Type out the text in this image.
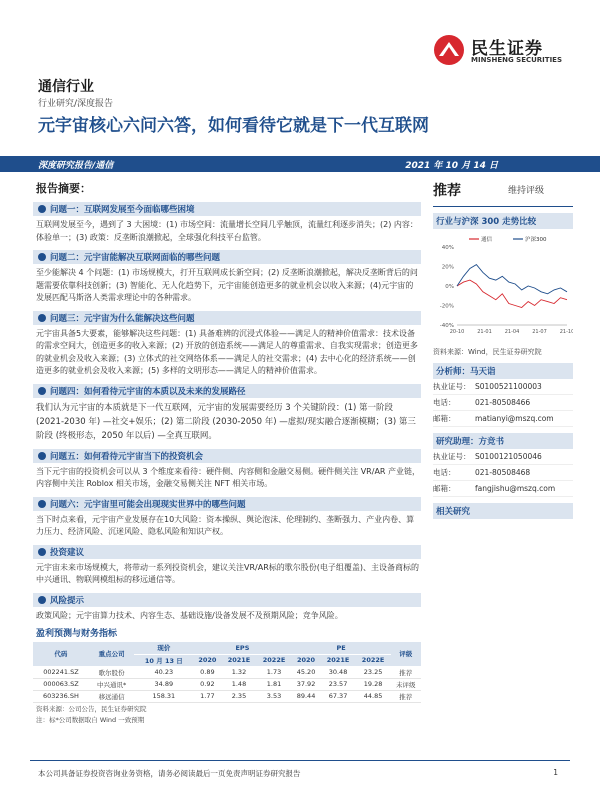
民生证券
MINSHENG SECURITIES
通信行业
行业研究/深度报告
元宇宙核心六问六答，如何看待它就是下一代互联网
深度研究报告/通信	2021 年 10 月 14 日
报告摘要：
问题一：互联网发展至今面临哪些困境
互联网发展至今，遇到了 3 大困境：(1) 市场空间：流量增长空间几乎触顶，流量红利逐步消失；(2) 内容：体验单一；(3) 政策：反垄断浪潮掀起，全球强化科技平台监管。
问题二：元宇宙能解决互联网面临的哪些问题
至少能解决 4 个问题：(1) 市场规模大，打开互联网成长新空间；(2) 反垄断浪潮掀起，解决反垄断背后的问题需要依靠科技创新；(3) 智能化、无人化趋势下，元宇宙能创造更多的就业机会以收入来源；(4)元宇宙的发展匹配马斯洛人类需求理论中的各种需求。
问题三：元宇宙为什么能解决这些问题
元宇宙具备5大要素，能够解决这些问题：(1) 具备难辨的沉浸式体验——满足人的精神价值需求：技术设备的需求空间大，创造更多的收入来源；(2) 开放的创造系统——满足人的尊重需求、自我实现需求；创造更多的就业机会及收入来源；(3) 立体式的社交网络体系——满足人的社交需求；(4) 去中心化的经济系统——创造更多的就业机会及收入来源；(5) 多样的文明形态——满足人的精神价值需求。
问题四：如何看待元宇宙的本质以及未来的发展路径
我们认为元宇宙的本质就是下一代互联网，元宇宙的发展需要经历 3 个关键阶段：(1) 第一阶段 (2021-2030 年) —社交+娱乐；(2) 第二阶段 (2030-2050 年) —虚拟/现实融合逐渐模糊；(3) 第三阶段 (终极形态，2050 年以后) —全真互联网。
问题五：如何看待元宇宙当下的投资机会
当下元宇宙的投资机会可以从 3 个维度来看待：硬件侧、内容侧和金融交易侧。硬件侧关注 VR/AR 产业链，内容侧中关注 Roblox 相关市场，金融交易侧关注 NFT 相关市场。
问题六：元宇宙里可能会出现现实世界中的哪些问题
当下时点来看，元宇宙产业发展存在10大风险：资本操纵、舆论泡沫、伦理制约、垄断强力、产业内卷、算力压力、经济风险、沉迷风险、隐私风险和知识产权。
投资建议
元宇宙未来市场规模大，将带动一系列投资机会，建议关注VR/AR标的歌尔股份(电子组覆盖)、主设备商标的中兴通讯、物联网模组标的移远通信等。
风险提示
政策风险；元宇宙算力技术、内容生态、基础设施/设备发展不及预期风险；竞争风险。
盈利预测与财务指标
代码	重点公司	现价	EPS			PE			评级
		10 月 13 日	2020	2021E	2022E	2020	2021E	2022E	
002241.SZ	歌尔股份	40.23	0.89	1.32	1.73	45.20	30.48	23.25	推荐
000063.SZ	中兴通讯*	34.89	0.92	1.48	1.81	37.92	23.57	19.28	未评级
603236.SH	移远通信	158.31	1.77	2.35	3.53	89.44	67.37	44.85	推荐
资料来源：公司公告，民生证券研究院
注：标*公司数据取自 Wind 一致预期
推荐	维持评级
行业与沪深 300 走势比较
40%
20%
0%
-20%
-40%
20-10	21-01	21-04	21-07	21-10
通信	沪深300
资料来源：Wind，民生证券研究院
分析师：马天诣
执业证号： S0100521100003
电话：	021-80508466
邮箱：	matianyi@mszq.com
研究助理：方竞书
执业证号： S0100121050046
电话：	021-80508468
邮箱：	fangjishu@mszq.com
相关研究
本公司具备证券投资咨询业务资格，请务必阅读最后一页免责声明证券研究报告	1
